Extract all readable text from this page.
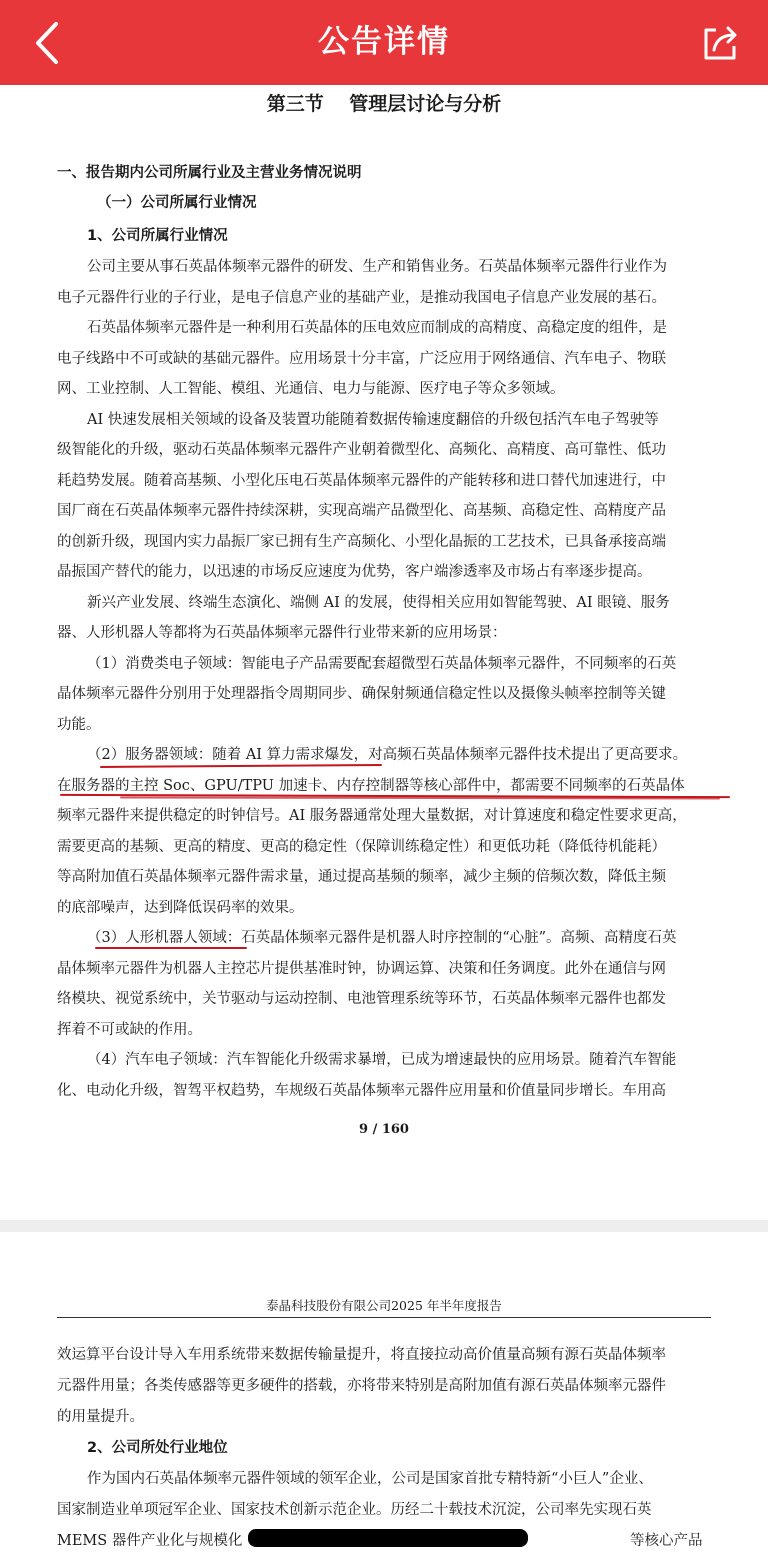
公告详情
第三节　 管理层讨论与分析
一、报告期内公司所属行业及主营业务情况说明
（一）公司所属行业情况
1、公司所属行业情况
公司主要从事石英晶体频率元器件的研发、生产和销售业务。石英晶体频率元器件行业作为
电子元器件行业的子行业，是电子信息产业的基础产业，是推动我国电子信息产业发展的基石。
石英晶体频率元器件是一种利用石英晶体的压电效应而制成的高精度、高稳定度的组件，是
电子线路中不可或缺的基础元器件。应用场景十分丰富，广泛应用于网络通信、汽车电子、物联
网、工业控制、人工智能、模组、光通信、电力与能源、医疗电子等众多领域。
AI 快速发展相关领域的设备及装置功能随着数据传输速度翻倍的升级包括汽车电子驾驶等
级智能化的升级，驱动石英晶体频率元器件产业朝着微型化、高频化、高精度、高可靠性、低功
耗趋势发展。随着高基频、小型化压电石英晶体频率元器件的产能转移和进口替代加速进行，中
国厂商在石英晶体频率元器件持续深耕，实现高端产品微型化、高基频、高稳定性、高精度产品
的创新升级，现国内实力晶振厂家已拥有生产高频化、小型化晶振的工艺技术，已具备承接高端
晶振国产替代的能力，以迅速的市场反应速度为优势，客户端渗透率及市场占有率逐步提高。
新兴产业发展、终端生态演化、端侧 AI 的发展，使得相关应用如智能驾驶、AI 眼镜、服务
器、人形机器人等都将为石英晶体频率元器件行业带来新的应用场景：
（1）消费类电子领域：智能电子产品需要配套超微型石英晶体频率元器件，不同频率的石英
晶体频率元器件分别用于处理器指令周期同步、确保射频通信稳定性以及摄像头帧率控制等关键
功能。
（2）服务器领域：随着 AI 算力需求爆发，对高频石英晶体频率元器件技术提出了更高要求。
在服务器的主控 Soc、GPU/TPU 加速卡、内存控制器等核心部件中，都需要不同频率的石英晶体
频率元器件来提供稳定的时钟信号。AI 服务器通常处理大量数据，对计算速度和稳定性要求更高，
需要更高的基频、更高的精度、更高的稳定性（保障训练稳定性）和更低功耗（降低待机能耗）
等高附加值石英晶体频率元器件需求量，通过提高基频的频率，减少主频的倍频次数，降低主频
的底部噪声，达到降低误码率的效果。
（3）人形机器人领域：石英晶体频率元器件是机器人时序控制的“心脏”。高频、高精度石英
晶体频率元器件为机器人主控芯片提供基准时钟，协调运算、决策和任务调度。此外在通信与网
络模块、视觉系统中，关节驱动与运动控制、电池管理系统等环节，石英晶体频率元器件也都发
挥着不可或缺的作用。
（4）汽车电子领域：汽车智能化升级需求暴增，已成为增速最快的应用场景。随着汽车智能
化、电动化升级，智驾平权趋势，车规级石英晶体频率元器件应用量和价值量同步增长。车用高
9 / 160
泰晶科技股份有限公司2025 年半年度报告
效运算平台设计导入车用系统带来数据传输量提升，将直接拉动高价值量高频有源石英晶体频率
元器件用量；各类传感器等更多硬件的搭载，亦将带来特别是高附加值有源石英晶体频率元器件
的用量提升。
2、公司所处行业地位
作为国内石英晶体频率元器件领域的领军企业，公司是国家首批专精特新“小巨人”企业、
国家制造业单项冠军企业、国家技术创新示范企业。历经二十载技术沉淀，公司率先实现石英
MEMS 器件产业化与规模化	等核心产品
